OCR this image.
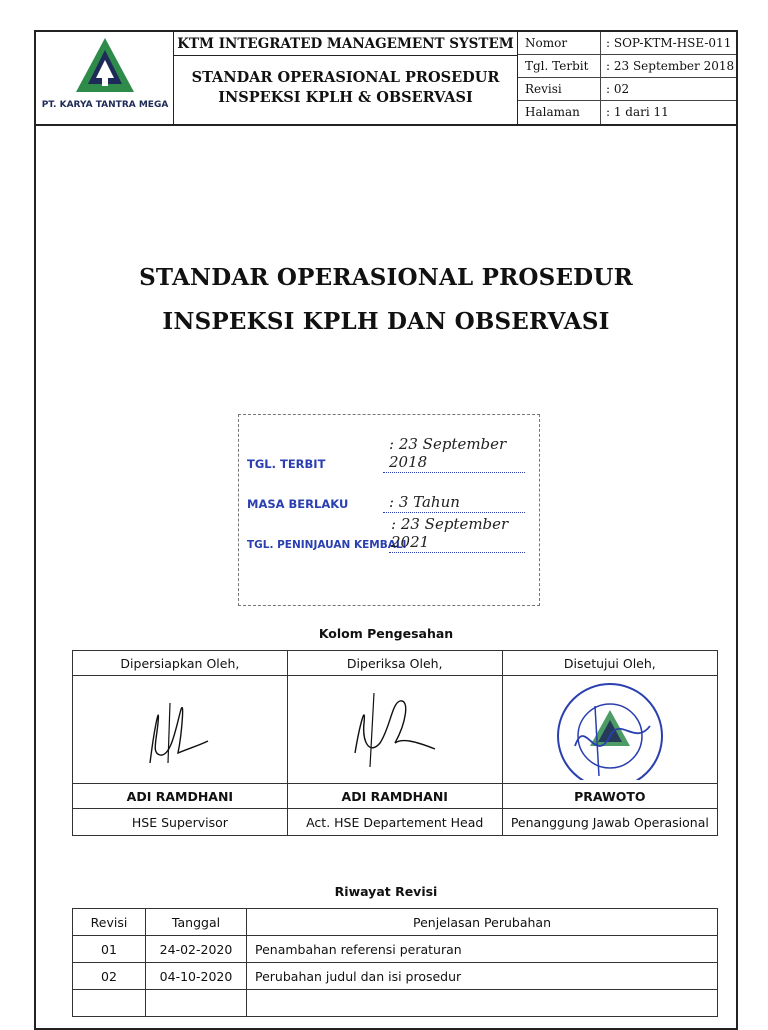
PT. KARYA TANTRA MEGA
KTM INTEGRATED MANAGEMENT SYSTEM
STANDAR OPERASIONAL PROSEDUR
INSPEKSI KPLH & OBSERVASI
Nomor	: SOP-KTM-HSE-011
Tgl. Terbit : 23 September 2018
Revisi	: 02
Halaman : 1 dari 11
STANDAR OPERASIONAL PROSEDUR
INSPEKSI KPLH DAN OBSERVASI
TGL. TERBIT
: 23 September 2018
MASA BERLAKU	: 3 Tahun
TGL. PENINJAUAN KEMBALI
: 23 September 2021
Kolom Pengesahan
Dipersiapkan Oleh,	Diperiksa Oleh,	Disetujui Oleh,

ADI RAMDHANI	ADI RAMDHANI	PRAWOTO
HSE Supervisor	Act. HSE Departement Head	Penanggung Jawab Operasional
Riwayat Revisi
Revisi	Tanggal	Penjelasan Perubahan
01	24-02-2020	Penambahan referensi peraturan
02	04-10-2020	Perubahan judul dan isi prosedur
